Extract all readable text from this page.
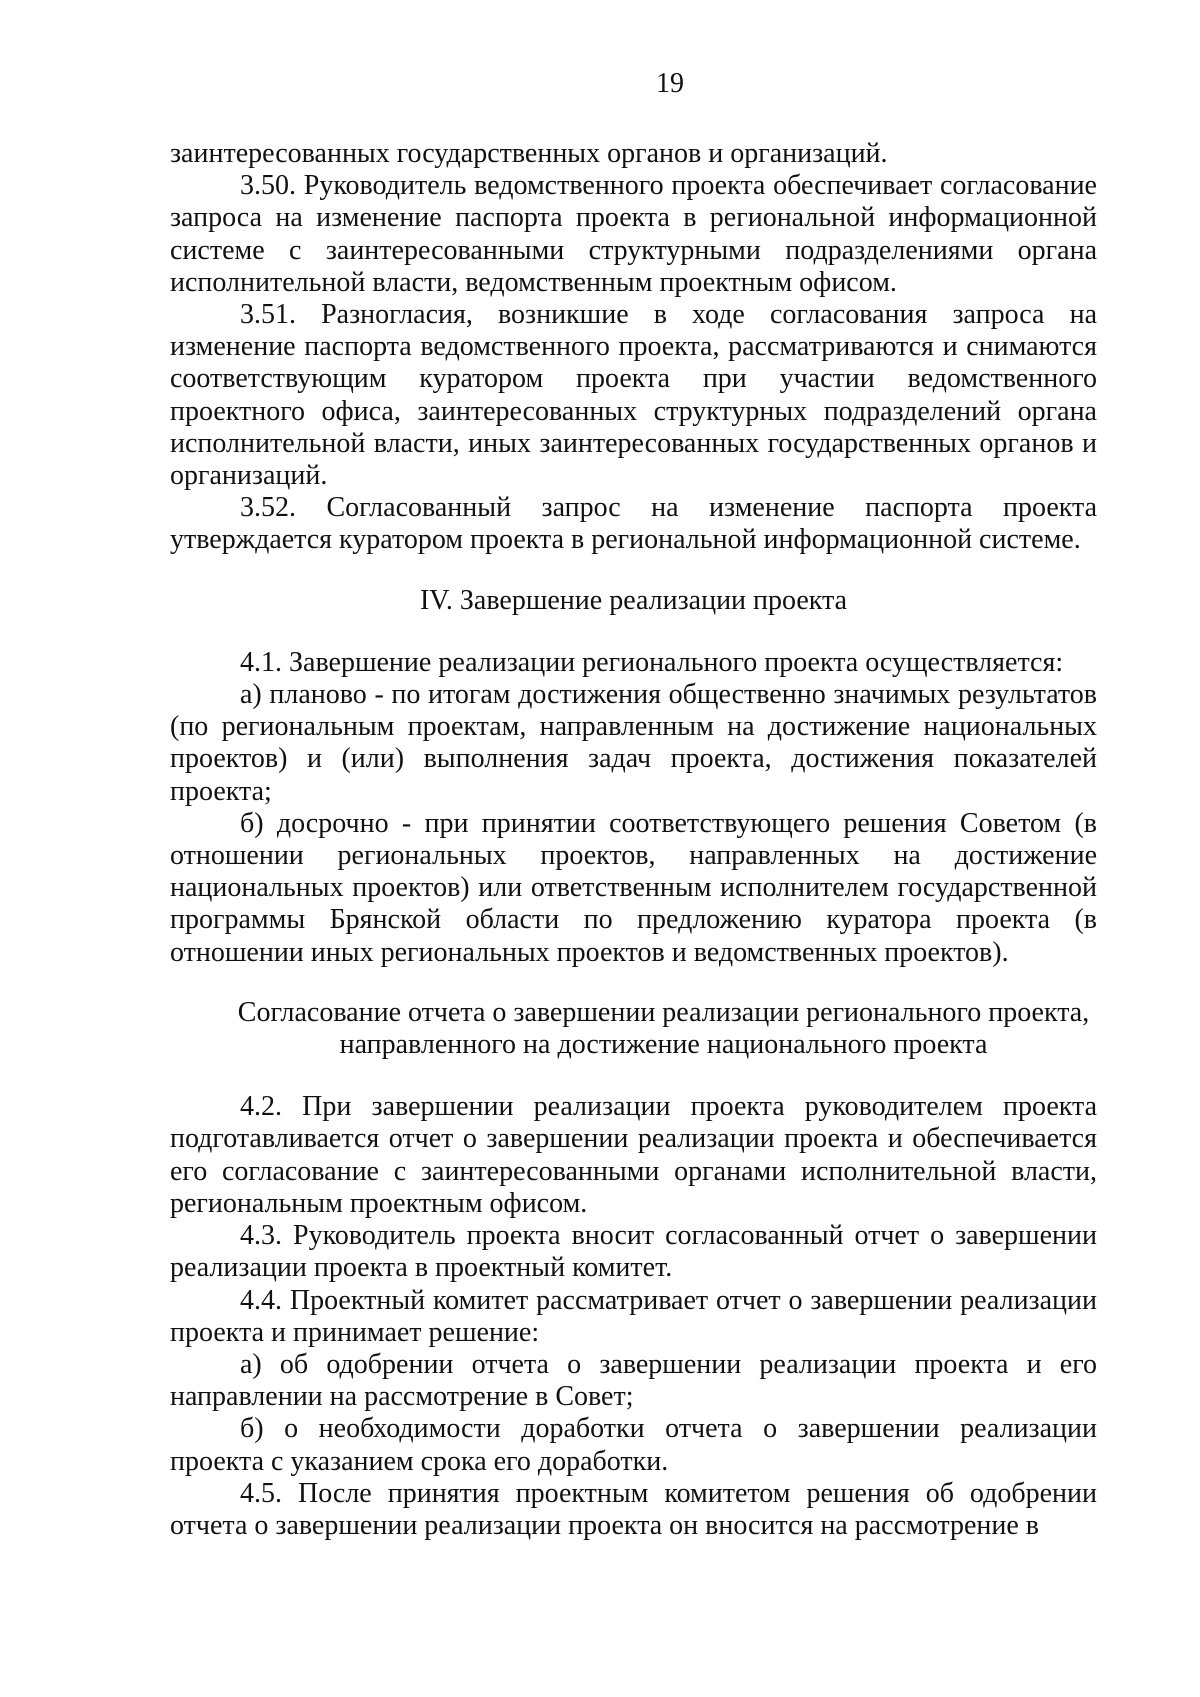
19

заинтересованных государственных органов и организаций.

3.50. Руководитель ведомственного проекта обеспечивает согласование запроса на изменение паспорта проекта в региональной информационной системе с заинтересованными структурными подразделениями органа исполнительной власти, ведомственным проектным офисом.

3.51. Разногласия, возникшие в ходе согласования запроса на изменение паспорта ведомственного проекта, рассматриваются и снимаются соответствующим куратором проекта при участии ведомственного проектного офиса, заинтересованных структурных подразделений органа исполнительной власти, иных заинтересованных государственных органов и организаций.

3.52. Согласованный запрос на изменение паспорта проекта утверждается куратором проекта в региональной информационной системе.

IV. Завершение реализации проекта

4.1. Завершение реализации регионального проекта осуществляется:

а) планово - по итогам достижения общественно значимых результатов (по региональным проектам, направленным на достижение национальных проектов) и (или) выполнения задач проекта, достижения показателей проекта;

б) досрочно - при принятии соответствующего решения Советом (в отношении региональных проектов, направленных на достижение национальных проектов) или ответственным исполнителем государственной программы Брянской области по предложению куратора проекта (в отношении иных региональных проектов и ведомственных проектов).

Согласование отчета о завершении реализации регионального проекта,
направленного на достижение национального проекта

4.2. При завершении реализации проекта руководителем проекта подготавливается отчет о завершении реализации проекта и обеспечивается его согласование с заинтересованными органами исполнительной власти, региональным проектным офисом.

4.3. Руководитель проекта вносит согласованный отчет о завершении реализации проекта в проектный комитет.

4.4. Проектный комитет рассматривает отчет о завершении реализации проекта и принимает решение:

а) об одобрении отчета о завершении реализации проекта и его направлении на рассмотрение в Совет;

б) о необходимости доработки отчета о завершении реализации проекта с указанием срока его доработки.

4.5. После принятия проектным комитетом решения об одобрении отчета о завершении реализации проекта он вносится на рассмотрение в
